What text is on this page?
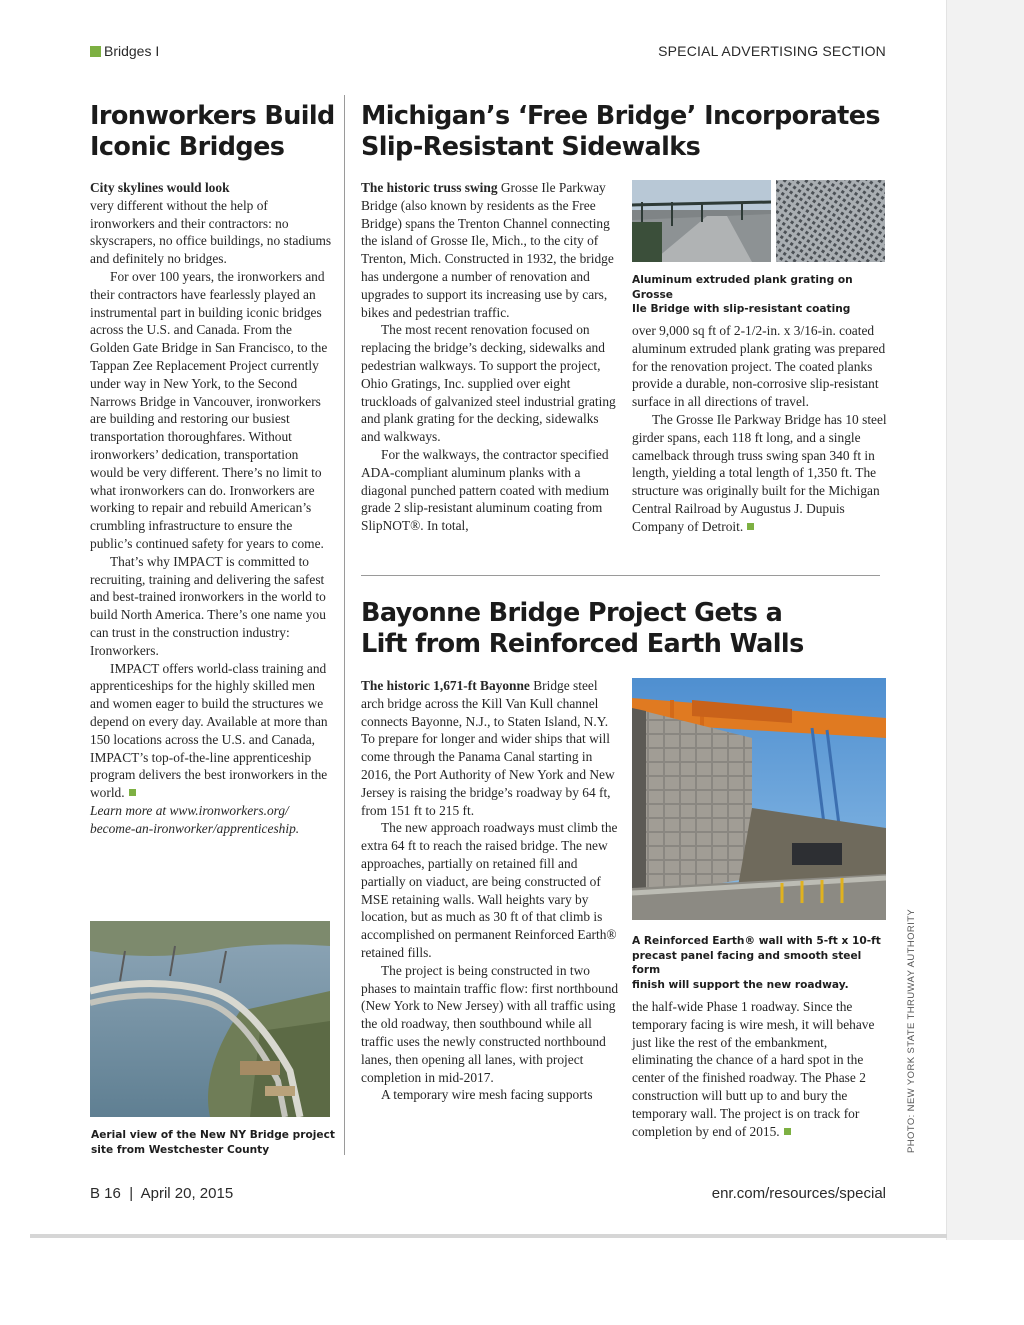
Bridges I	SPECIAL ADVERTISING SECTION
Ironworkers Build
Iconic Bridges

City skylines would look
very different without the help of ironworkers and their contractors: no skyscrapers, no office buildings, no stadiums and definitely no bridges.

For over 100 years, the ironworkers and their contractors have fearlessly played an instrumental part in building iconic bridges across the U.S. and Canada. From the Golden Gate Bridge in San Francisco, to the Tappan Zee Replacement Project currently under way in New York, to the Second Narrows Bridge in Vancouver, ironworkers are building and restoring our busiest transportation thoroughfares. Without ironworkers’ dedication, transportation would be very different. There’s no limit to what ironworkers can do. Ironworkers are working to repair and rebuild American’s crumbling infrastructure to ensure the public’s continued safety for years to come.

That’s why IMPACT is committed to recruiting, training and delivering the safest and best-trained ironworkers in the world to build North America. There’s one name you can trust in the construction industry: Ironworkers.

IMPACT offers world-class training and apprenticeships for the highly skilled men and women eager to build the structures we depend on every day. Available at more than 150 locations across the U.S. and Canada, IMPACT’s top-of-the-line apprenticeship program delivers the best ironworkers in the world.

Learn more at www.ironworkers.org/
become-an-ironworker/apprenticeship.

Aerial view of the New NY Bridge project
site from Westchester County
Michigan’s ‘Free Bridge’ Incorporates
Slip-Resistant Sidewalks

The historic truss swing Grosse Ile Parkway Bridge (also known by residents as the Free Bridge) spans the Trenton Channel connecting the island of Grosse Ile, Mich., to the city of Trenton, Mich. Constructed in 1932, the bridge has undergone a number of renovation and upgrades to support its increasing use by cars, bikes and pedestrian traffic.

The most recent renovation focused on replacing the bridge’s decking, sidewalks and pedestrian walkways. To support the project, Ohio Gratings, Inc. supplied over eight truckloads of galvanized steel industrial grating and plank grating for the decking, sidewalks and walkways.

For the walkways, the contractor specified ADA-compliant aluminum planks with a diagonal punched pattern coated with medium grade 2 slip-resistant aluminum coating from SlipNOT®. In total,

Aluminum extruded plank grating on Grosse
Ile Bridge with slip-resistant coating

over 9,000 sq ft of 2-1/2-in. x 3/16-in. coated aluminum extruded plank grating was prepared for the renovation project. The coated planks provide a durable, non-corrosive slip-resistant surface in all directions of travel.

The Grosse Ile Parkway Bridge has 10 steel girder spans, each 118 ft long, and a single camelback through truss swing span 340 ft in length, yielding a total length of 1,350 ft. The structure was originally built for the Michigan Central Railroad by Augustus J. Dupuis Company of Detroit.

Bayonne Bridge Project Gets a
Lift from Reinforced Earth Walls

The historic 1,671-ft Bayonne Bridge steel arch bridge across the Kill Van Kull channel connects Bayonne, N.J., to Staten Island, N.Y. To prepare for longer and wider ships that will come through the Panama Canal starting in 2016, the Port Authority of New York and New Jersey is raising the bridge’s roadway by 64 ft, from 151 ft to 215 ft.

The new approach roadways must climb the extra 64 ft to reach the raised bridge. The new approaches, partially on retained fill and partially on viaduct, are being constructed of MSE retaining walls. Wall heights vary by location, but as much as 30 ft of that climb is accomplished on permanent Reinforced Earth® retained fills.

The project is being constructed in two phases to maintain traffic flow: first northbound (New York to New Jersey) with all traffic using the old roadway, then southbound while all traffic uses the newly constructed northbound lanes, then opening all lanes, with project completion in mid-2017.

A temporary wire mesh facing supports

A Reinforced Earth® wall with 5-ft x 10-ft
precast panel facing and smooth steel form
finish will support the new roadway.

the half-wide Phase 1 roadway. Since the temporary facing is wire mesh, it will behave just like the rest of the embankment, eliminating the chance of a hard spot in the center of the finished roadway. The Phase 2 construction will butt up to and bury the temporary wall. The project is on track for completion by end of 2015.	PHOTO: NEW YORK STATE THRUWAY AUTHORITY
B 16  |  April 20, 2015	enr.com/resources/special
